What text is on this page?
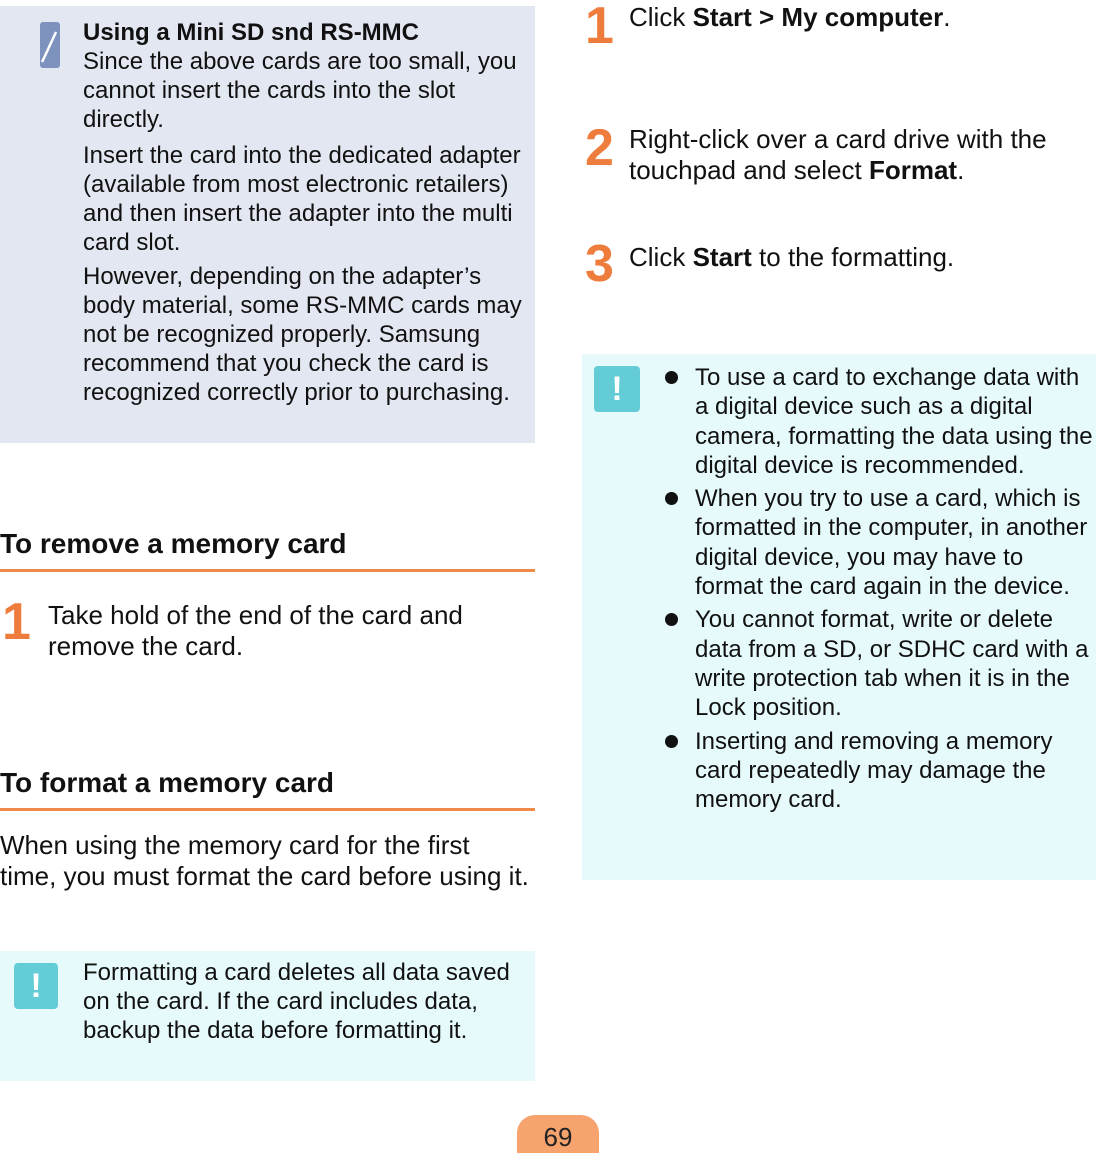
Using a Mini SD snd RS-MMC
Since the above cards are too small, you cannot insert the cards into the slot directly.
Insert the card into the dedicated adapter (available from most electronic retailers) and then insert the adapter into the multi card slot.
However, depending on the adapter’s body material, some RS-MMC cards may not be recognized properly. Samsung recommend that you check the card is recognized correctly prior to purchasing.
To remove a memory card
1 Take hold of the end of the card and remove the card.
To format a memory card
When using the memory card for the first time, you must format the card before using it.
!	Formatting a card deletes all data saved on the card. If the card includes data, backup the data before formatting it.
1 Click Start > My computer.
2 Right-click over a card drive with the touchpad and select Format.
3 Click Start to the formatting.
!	To use a card to exchange data with a digital device such as a digital camera, formatting the data using the digital device is recommended.
When you try to use a card, which is formatted in the computer, in another digital device, you may have to format the card again in the device.
You cannot format, write or delete data from a SD, or SDHC card with a write protection tab when it is in the Lock position.
Inserting and removing a memory card repeatedly may damage the memory card.
69
